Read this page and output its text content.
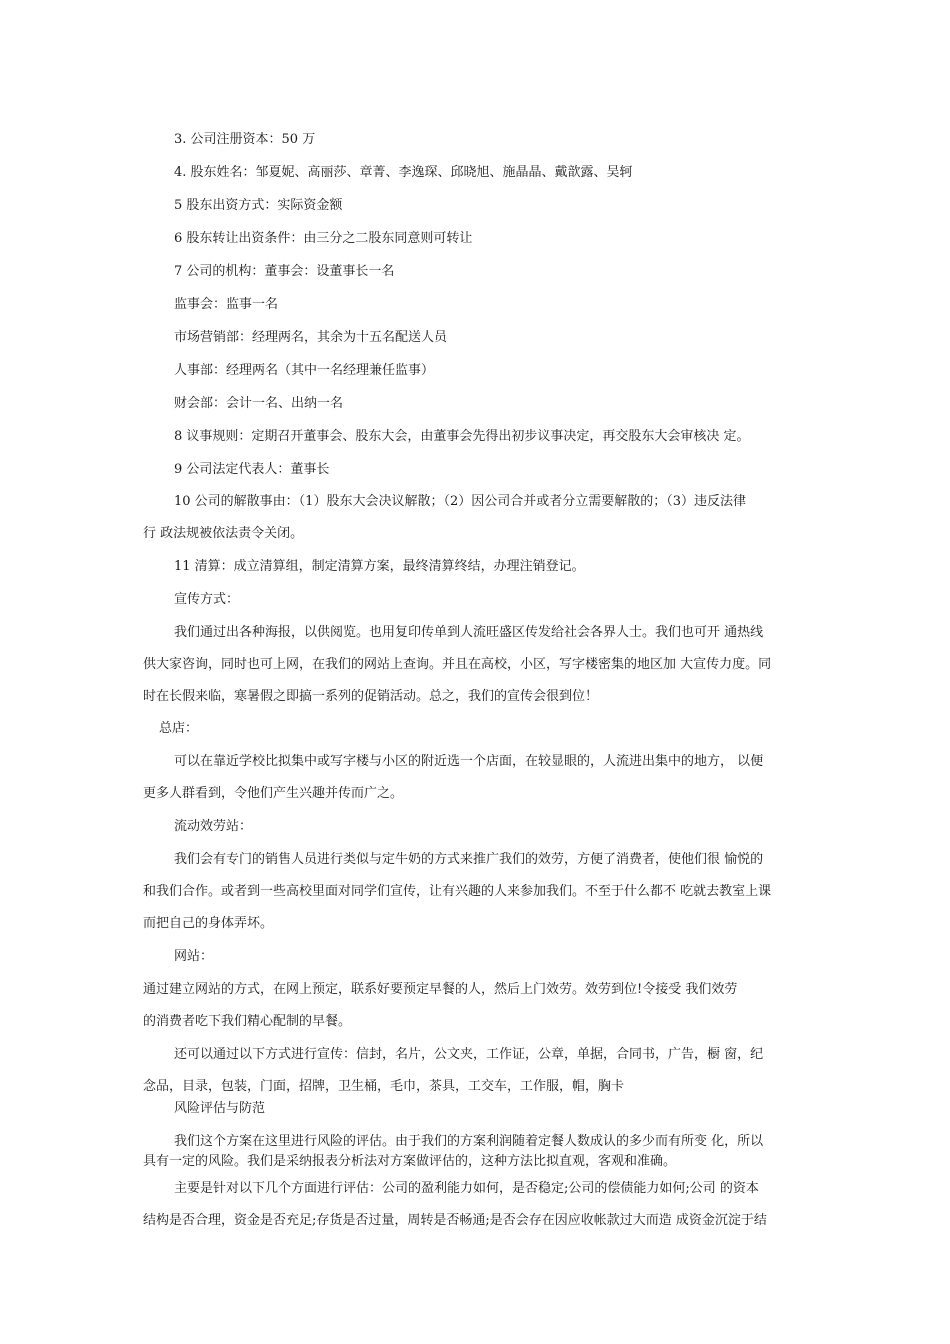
3. 公司注册资本：50 万
4. 股东姓名：邹夏妮、高丽莎、章菁、李逸琛、邱晓旭、施晶晶、戴歆露、吴轲
5 股东出资方式：实际资金额
6 股东转让出资条件：由三分之二股东同意则可转让
7 公司的机构：董事会：设董事长一名
监事会：监事一名
市场营销部：经理两名，其余为十五名配送人员
人事部：经理两名（其中一名经理兼任监事）
财会部：会计一名、出纳一名
8 议事规则：定期召开董事会、股东大会，由董事会先得出初步议事决定，再交股东大会审核决 定。
9 公司法定代表人：董事长
10 公司的解散事由：（1）股东大会决议解散；（2）因公司合并或者分立需要解散的；（3）违反法律
行 政法规被依法责令关闭。
11 清算：成立清算组，制定清算方案，最终清算终结，办理注销登记。
宣传方式：
我们通过出各种海报，以供阅览。也用复印传单到人流旺盛区传发给社会各界人士。我们也可开 通热线
供大家咨询，同时也可上网，在我们的网站上查询。并且在高校，小区，写字楼密集的地区加 大宣传力度。同
时在长假来临，寒暑假之即搞一系列的促销活动。总之，我们的宣传会很到位！
总店：
可以在靠近学校比拟集中或写字楼与小区的附近选一个店面，在较显眼的，人流进出集中的地方， 以便
更多人群看到，令他们产生兴趣并传而广之。
流动效劳站：
我们会有专门的销售人员进行类似与定牛奶的方式来推广我们的效劳，方便了消费者，使他们很 愉悦的
和我们合作。或者到一些高校里面对同学们宣传，让有兴趣的人来参加我们。不至于什么都不 吃就去教室上课
而把自己的身体弄坏。
网站：
通过建立网站的方式，在网上预定，联系好要预定早餐的人，然后上门效劳。效劳到位!令接受 我们效劳
的消费者吃下我们精心配制的早餐。
还可以通过以下方式进行宣传：信封，名片，公文夹，工作证，公章，单据，合同书，广告，橱 窗，纪
念品，目录，包装，门面，招牌，卫生桶，毛巾，茶具，工交车，工作服，帽，胸卡
风险评估与防范
我们这个方案在这里进行风险的评估。由于我们的方案利润随着定餐人数成认的多少而有所变 化，所以
具有一定的风险。我们是采纳报表分析法对方案做评估的，这种方法比拟直观，客观和准确。
主要是针对以下几个方面进行评估：公司的盈利能力如何，是否稳定;公司的偿债能力如何;公司 的资本
结构是否合理，资金是否充足;存货是否过量，周转是否畅通;是否会存在因应收帐款过大而造 成资金沉淀于结
